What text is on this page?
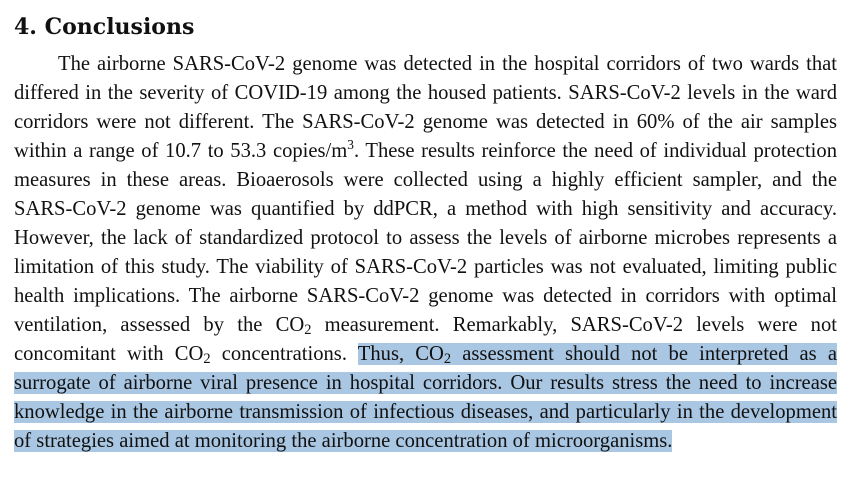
4. Conclusions

The airborne SARS-CoV-2 genome was detected in the hospital corridors of two wards that differed in the severity of COVID-19 among the housed patients. SARS-CoV-2 levels in the ward corridors were not different. The SARS-CoV-2 genome was detected in 60% of the air samples within a range of 10.7 to 53.3 copies/$m^3$. These results reinforce the need of individual protection measures in these areas. Bioaerosols were collected using a highly efficient sampler, and the SARS-CoV-2 genome was quantified by ddPCR, a method with high sensitivity and accuracy. However, the lack of standardized protocol to assess the levels of airborne microbes represents a limitation of this study. The viability of SARS-CoV-2 particles was not evaluated, limiting public health implications. The airborne SARS-CoV-2 genome was detected in corridors with optimal ventilation, assessed by the $CO_2$ measurement. Remarkably, SARS-CoV-2 levels were not concomitant with $CO_2$ concentrations. Thus, $CO_2$ assessment should not be interpreted as a surrogate of airborne viral presence in hospital corridors. Our results stress the need to increase knowledge in the airborne transmission of infectious diseases, and particularly in the development of strategies aimed at monitoring the airborne concentration of microorganisms.
